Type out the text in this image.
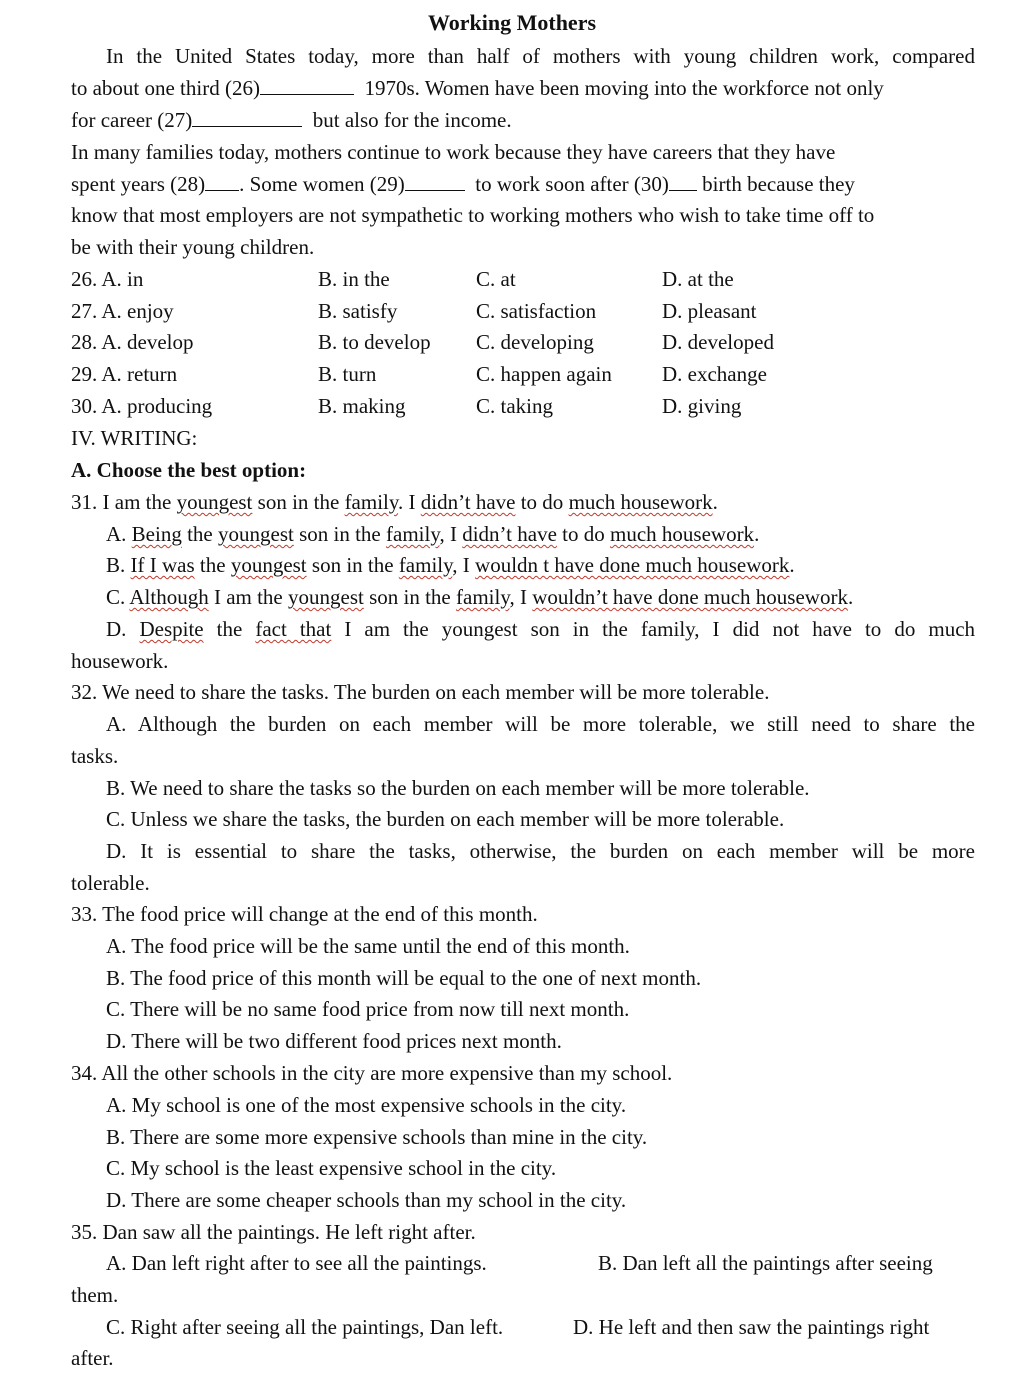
Working Mothers
In the United States today, more than half of mothers with young children work, compared
to about one third (26)	1970s. Women have been moving into the workforce not only
for career (27)	but also for the income.
In many families today, mothers continue to work because they have careers that they have
spent years (28) . Some women (29)	to work soon after (30) birth because they
know that most employers are not sympathetic to working mothers who wish to take time off to
be with their young children.
26. A. in	B. in the	C. at	D. at the
27. A. enjoy	B. satisfy	C. satisfaction	D. pleasant
28. A. develop	B. to develop C. developing	D. developed
29. A. return	B. turn	C. happen again D. exchange
30. A. producing	B. making	C. taking	D. giving
IV. WRITING:
A. Choose the best option:
31. I am the youngest son in the family. I didn’t have to do much housework.
A. Being the youngest son in the family, I didn’t have to do much housework.
B. If I was the youngest son in the family, I wouldn t have done much housework.
C. Although I am the youngest son in the family, I wouldn’t have done much housework.
D. Despite the fact that I am the youngest son in the family, I did not have to do much
housework.
32. We need to share the tasks. The burden on each member will be more tolerable.
A. Although the burden on each member will be more tolerable, we still need to share the
tasks.
B. We need to share the tasks so the burden on each member will be more tolerable.
C. Unless we share the tasks, the burden on each member will be more tolerable.
D. It is essential to share the tasks, otherwise, the burden on each member will be more
tolerable.
33. The food price will change at the end of this month.
A. The food price will be the same until the end of this month.
B. The food price of this month will be equal to the one of next month.
C. There will be no same food price from now till next month.
D. There will be two different food prices next month.
34. All the other schools in the city are more expensive than my school.
A. My school is one of the most expensive schools in the city.
B. There are some more expensive schools than mine in the city.
C. My school is the least expensive school in the city.
D. There are some cheaper schools than my school in the city.
35. Dan saw all the paintings. He left right after.
A. Dan left right after to see all the paintings.	B. Dan left all the paintings after seeing
them.
C. Right after seeing all the paintings, Dan left.	D. He left and then saw the paintings right
after.
